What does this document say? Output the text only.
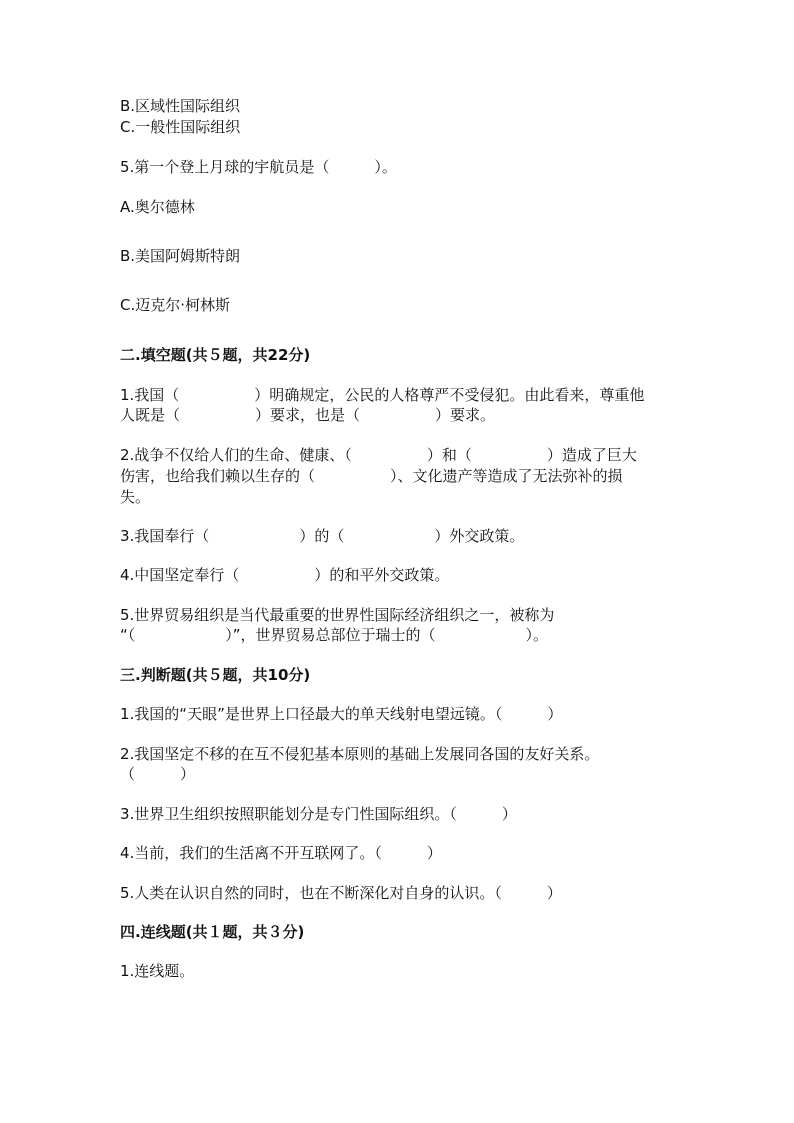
B.区域性国际组织
C.一般性国际组织
5.第一个登上月球的宇航员是（　　　）。
A.奥尔德林
B.美国阿姆斯特朗
C.迈克尔·柯林斯
二.填空题(共５题，共22分)
1.我国（　　　　　）明确规定，公民的人格尊严不受侵犯。由此看来，尊重他
人既是（　　　　　）要求，也是（　　　　　）要求。
2.战争不仅给人们的生命、健康、（　　　　　）和（　　　　　）造成了巨大
伤害，也给我们赖以生存的（　　　　　）、文化遗产等造成了无法弥补的损
失。
3.我国奉行（　　　　　　）的（　　　　　　）外交政策。
4.中国坚定奉行（　　　　　）的和平外交政策。
5.世界贸易组织是当代最重要的世界性国际经济组织之一，被称为
“（　　　　　　）”，世界贸易总部位于瑞士的（　　　　　　）。
三.判断题(共５题，共10分)
1.我国的“天眼”是世界上口径最大的单天线射电望远镜。（　　　）
2.我国坚定不移的在互不侵犯基本原则的基础上发展同各国的友好关系。
（　　　）
3.世界卫生组织按照职能划分是专门性国际组织。（　　　）
4.当前，我们的生活离不开互联网了。（　　　）
5.人类在认识自然的同时，也在不断深化对自身的认识。（　　　）
四.连线题(共１题，共３分)
1.连线题。
